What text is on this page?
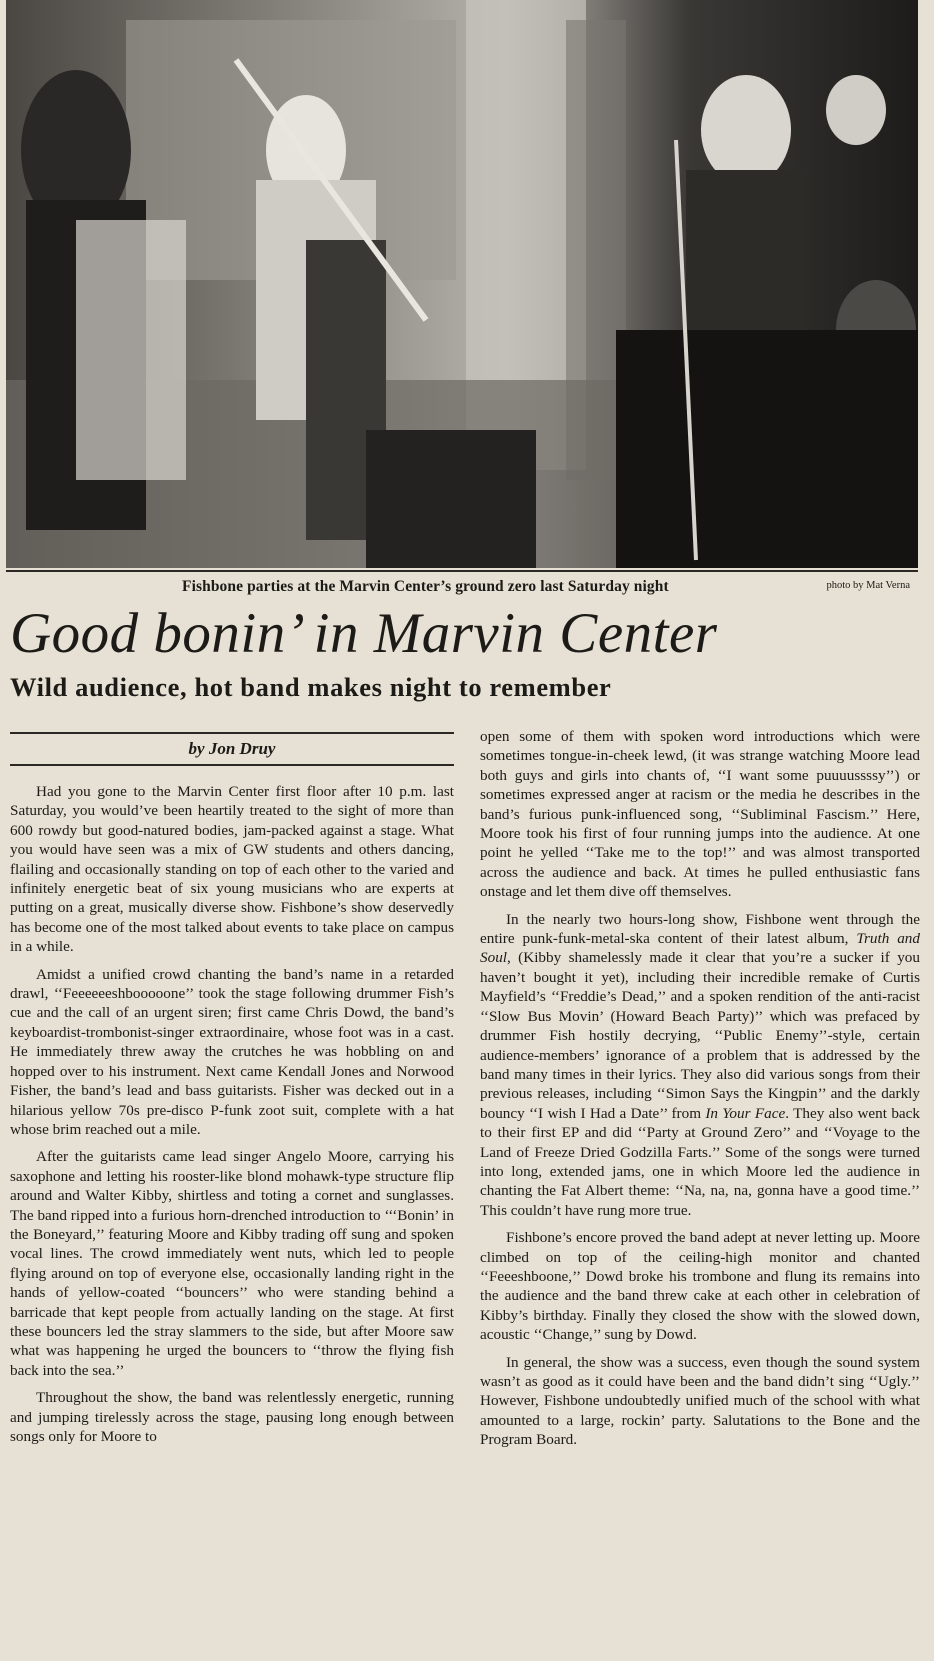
Fishbone parties at the Marvin Center’s ground zero last Saturday night	photo by Mat Verna
Good bonin’ in Marvin Center
Wild audience, hot band makes night to remember
by Jon Druy

Had you gone to the Marvin Center first floor after 10 p.m. last Saturday, you would’ve been heartily treated to the sight of more than 600 rowdy but good-natured bodies, jam-packed against a stage. What you would have seen was a mix of GW students and others dancing, flailing and occasionally standing on top of each other to the varied and infinitely energetic beat of six young musicians who are experts at putting on a great, musically diverse show. Fishbone’s show deservedly has become one of the most talked about events to take place on campus in a while.

Amidst a unified crowd chanting the band’s name in a retarded drawl, ‘‘Feeeeeeshbooooone’’ took the stage following drummer Fish’s cue and the call of an urgent siren; first came Chris Dowd, the band’s keyboardist-trombonist-singer extraordinaire, whose foot was in a cast. He immediately threw away the crutches he was hobbling on and hopped over to his instrument. Next came Kendall Jones and Norwood Fisher, the band’s lead and bass guitarists. Fisher was decked out in a hilarious yellow 70s pre-disco P-funk zoot suit, complete with a hat whose brim reached out a mile.

After the guitarists came lead singer Angelo Moore, carrying his saxophone and letting his rooster-like blond mohawk-type structure flip around and Walter Kibby, shirtless and toting a cornet and sunglasses. The band ripped into a furious horn-drenched introduction to ‘‘‘Bonin’ in the Boneyard,’’ featuring Moore and Kibby trading off sung and spoken vocal lines. The crowd immediately went nuts, which led to people flying around on top of everyone else, occasionally landing right in the hands of yellow-coated ‘‘bouncers’’ who were standing behind a barricade that kept people from actually landing on the stage. At first these bouncers led the stray slammers to the side, but after Moore saw what was happening he urged the bouncers to ‘‘throw the flying fish back into the sea.’’

Throughout the show, the band was relentlessly energetic, running and jumping tirelessly across the stage, pausing long enough between songs only for Moore to

open some of them with spoken word introductions which were sometimes tongue-in-cheek lewd, (it was strange watching Moore lead both guys and girls into chants of, ‘‘I want some puuuussssy’’) or sometimes expressed anger at racism or the media he describes in the band’s furious punk-influenced song, ‘‘Subliminal Fascism.’’ Here, Moore took his first of four running jumps into the audience. At one point he yelled ‘‘Take me to the top!’’ and was almost transported across the audience and back. At times he pulled enthusiastic fans onstage and let them dive off themselves.

In the nearly two hours-long show, Fishbone went through the entire punk-funk-metal-ska content of their latest album, Truth and Soul, (Kibby shamelessly made it clear that you’re a sucker if you haven’t bought it yet), including their incredible remake of Curtis Mayfield’s ‘‘Freddie’s Dead,’’ and a spoken rendition of the anti-racist ‘‘Slow Bus Movin’ (Howard Beach Party)’’ which was prefaced by drummer Fish hostily decrying, ‘‘Public Enemy’’-style, certain audience-members’ ignorance of a problem that is addressed by the band many times in their lyrics. They also did various songs from their previous releases, including ‘‘Simon Says the Kingpin’’ and the darkly bouncy ‘‘I wish I Had a Date’’ from In Your Face. They also went back to their first EP and did ‘‘Party at Ground Zero’’ and ‘‘Voyage to the Land of Freeze Dried Godzilla Farts.’’ Some of the songs were turned into long, extended jams, one in which Moore led the audience in chanting the Fat Albert theme: ‘‘Na, na, na, gonna have a good time.’’ This couldn’t have rung more true.

Fishbone’s encore proved the band adept at never letting up. Moore climbed on top of the ceiling-high monitor and chanted ‘‘Feeeshboone,’’ Dowd broke his trombone and flung its remains into the audience and the band threw cake at each other in celebration of Kibby’s birthday. Finally they closed the show with the slowed down, acoustic ‘‘Change,’’ sung by Dowd.

In general, the show was a success, even though the sound system wasn’t as good as it could have been and the band didn’t sing ‘‘Ugly.’’ However, Fishbone undoubtedly unified much of the school with what amounted to a large, rockin’ party. Salutations to the Bone and the Program Board.
